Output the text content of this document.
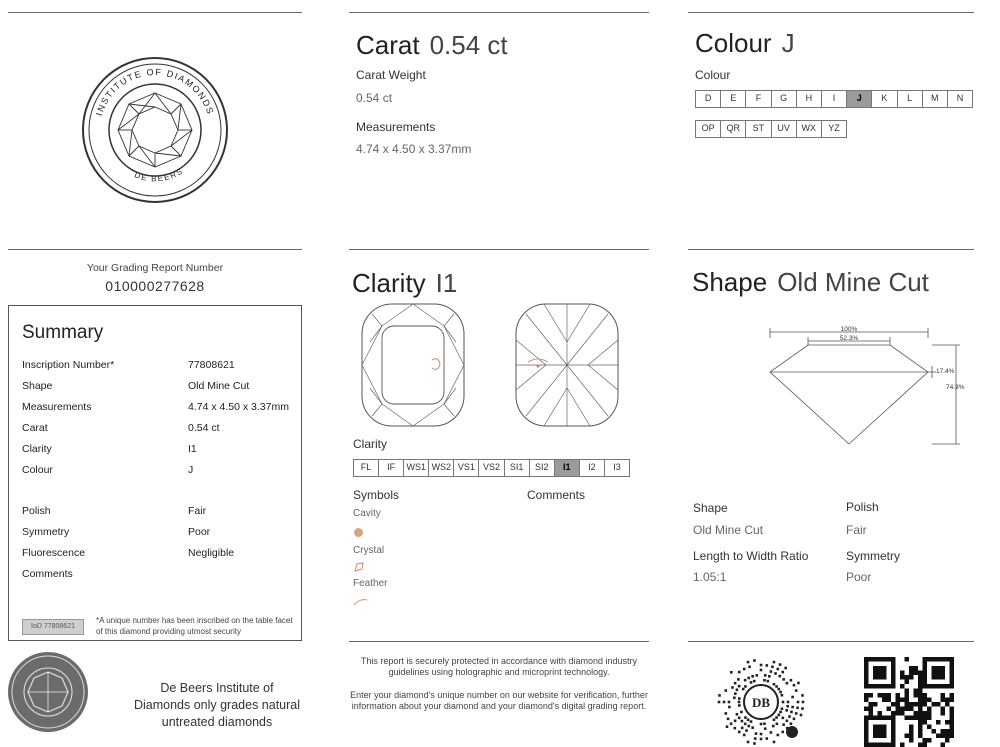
INSTITUTE OF DIAMONDS
DE BEERS
Your Grading Report Number
010000277628
Summary
Inscription Number*	77808621
Shape	Old Mine Cut
Measurements	4.74 x 4.50 x 3.37mm
Carat	0.54 ct
Clarity	I1
Colour	J
Polish	Fair
Symmetry	Poor
Fluorescence	Negligible
Comments
IoD 77808621
*A unique number has been inscribed on the table facet of this diamond providing utmost security
De Beers Institute of Diamonds only grades natural untreated diamonds
Carat 0.54 ct
Carat Weight
0.54 ct
Measurements
4.74 x 4.50 x 3.37mm
Clarity I1
Clarity
FL	IF	WS1 WS2 VS1 VS2	SI1	SI2	I1	I2	I3
Symbols	Comments
Cavity
Crystal
Feather
This report is securely protected in accordance with diamond industry guidelines using holographic and microprint technology.
Enter your diamond's unique number on our website for verification, further information about your diamond and your diamond's digital grading report.
Colour J
Colour
D	E	F	G	H	I	J	K	L	M	N
OP	QR	ST	UV	WX	YZ
Shape Old Mine Cut
100%
52.3%
17.4%
74.9%
Shape
Old Mine Cut
Polish
Fair
Length to Width Ratio
1.05:1
Symmetry
Poor
DB
